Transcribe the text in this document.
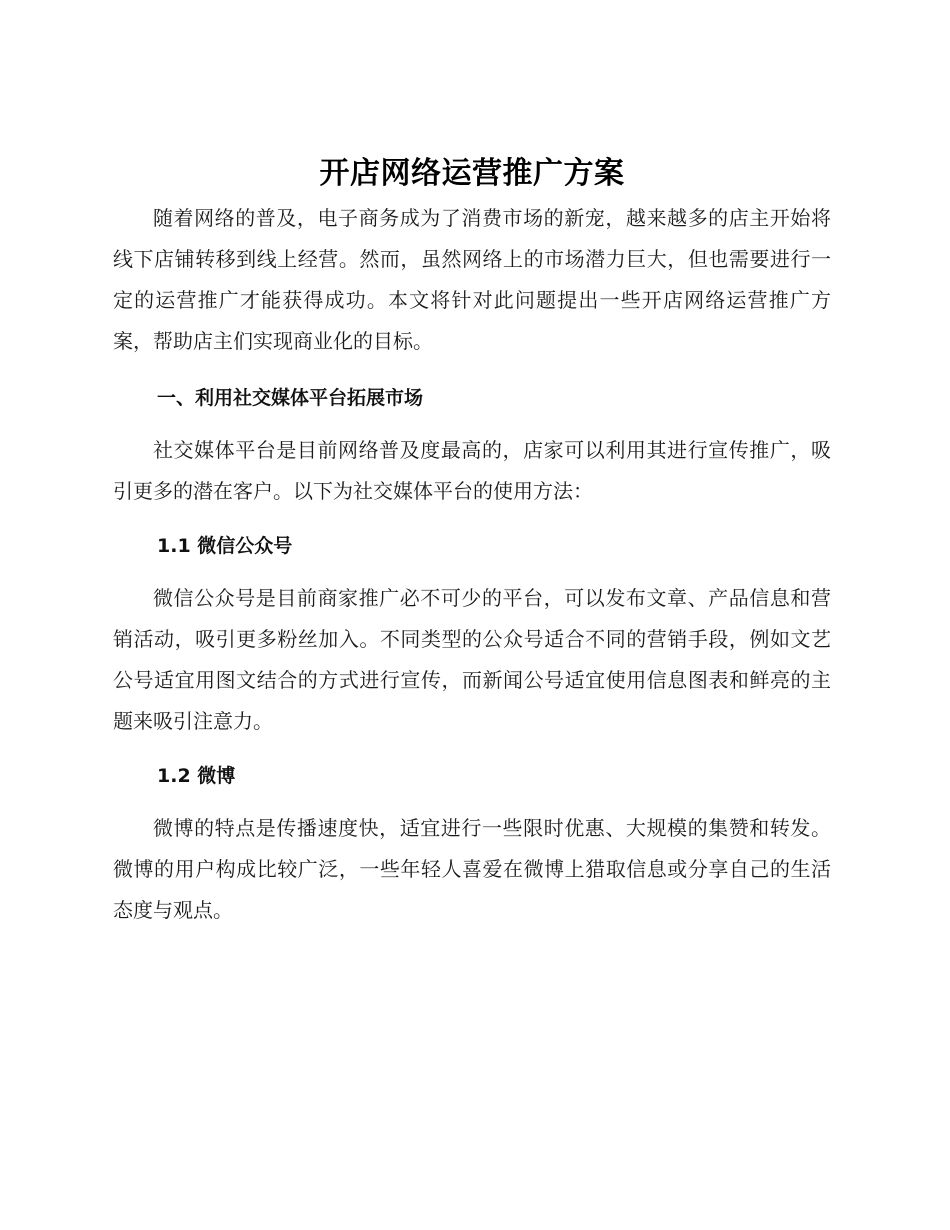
开店网络运营推广方案

随着网络的普及，电子商务成为了消费市场的新宠，越来越多的店主开始将线下店铺转移到线上经营。然而，虽然网络上的市场潜力巨大，但也需要进行一定的运营推广才能获得成功。本文将针对此问题提出一些开店网络运营推广方案，帮助店主们实现商业化的目标。

一、利用社交媒体平台拓展市场

社交媒体平台是目前网络普及度最高的，店家可以利用其进行宣传推广，吸引更多的潜在客户。以下为社交媒体平台的使用方法：

1.1 微信公众号

微信公众号是目前商家推广必不可少的平台，可以发布文章、产品信息和营销活动，吸引更多粉丝加入。不同类型的公众号适合不同的营销手段，例如文艺公号适宜用图文结合的方式进行宣传，而新闻公号适宜使用信息图表和鲜亮的主题来吸引注意力。

1.2 微博

微博的特点是传播速度快，适宜进行一些限时优惠、大规模的集赞和转发。微博的用户构成比较广泛，一些年轻人喜爱在微博上猎取信息或分享自己的生活态度与观点。
